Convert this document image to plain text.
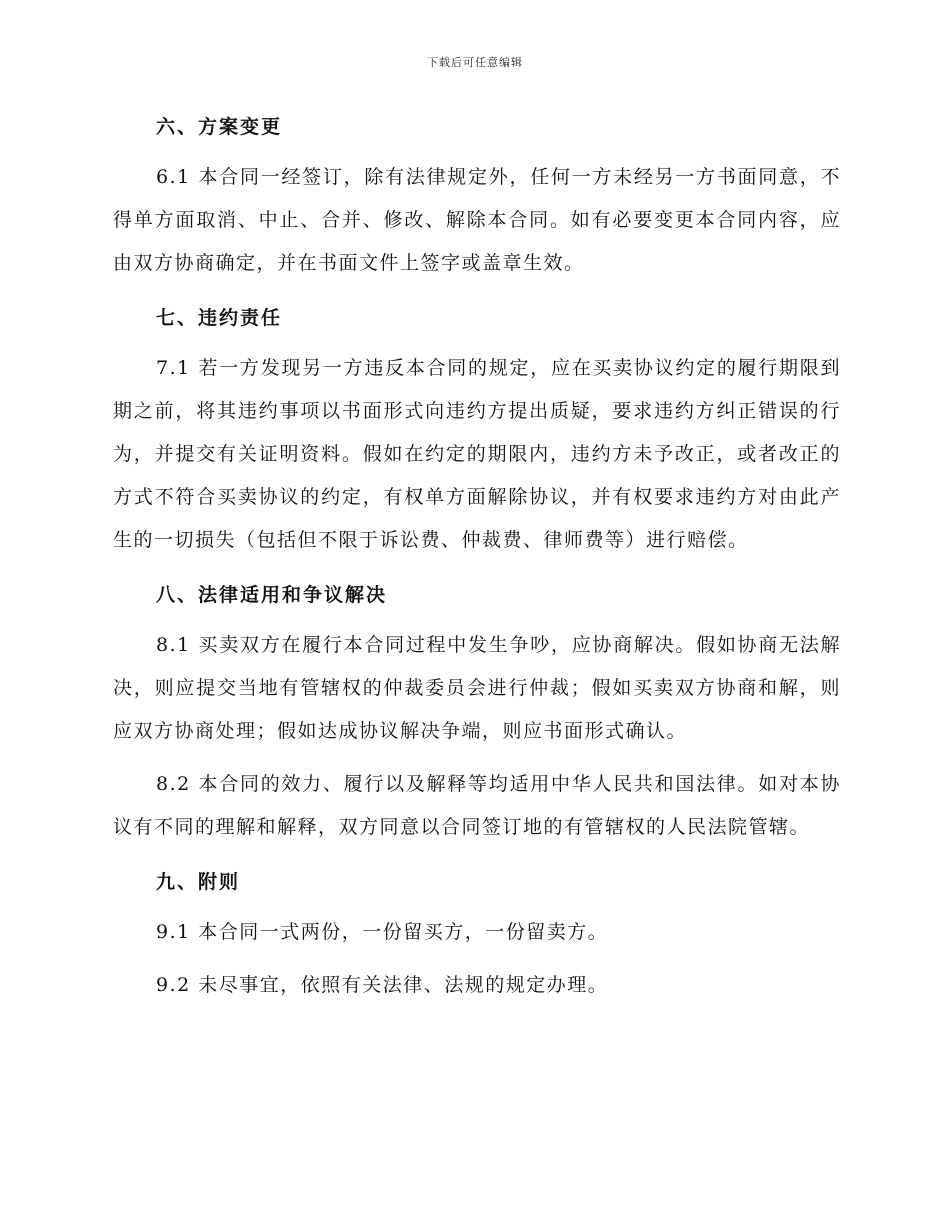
下载后可任意编辑
六、方案变更

6.1 本合同一经签订，除有法律规定外，任何一方未经另一方书面同意，不得单方面取消、中止、合并、修改、解除本合同。如有必要变更本合同内容，应由双方协商确定，并在书面文件上签字或盖章生效。

七、违约责任

7.1 若一方发现另一方违反本合同的规定，应在买卖协议约定的履行期限到期之前，将其违约事项以书面形式向违约方提出质疑，要求违约方纠正错误的行为，并提交有关证明资料。假如在约定的期限内，违约方未予改正，或者改正的方式不符合买卖协议的约定，有权单方面解除协议，并有权要求违约方对由此产生的一切损失（包括但不限于诉讼费、仲裁费、律师费等）进行赔偿。

八、法律适用和争议解决

8.1 买卖双方在履行本合同过程中发生争吵，应协商解决。假如协商无法解决，则应提交当地有管辖权的仲裁委员会进行仲裁；假如买卖双方协商和解，则应双方协商处理；假如达成协议解决争端，则应书面形式确认。

8.2 本合同的效力、履行以及解释等均适用中华人民共和国法律。如对本协议有不同的理解和解释，双方同意以合同签订地的有管辖权的人民法院管辖。

九、附则

9.1 本合同一式两份，一份留买方，一份留卖方。

9.2 未尽事宜，依照有关法律、法规的规定办理。
